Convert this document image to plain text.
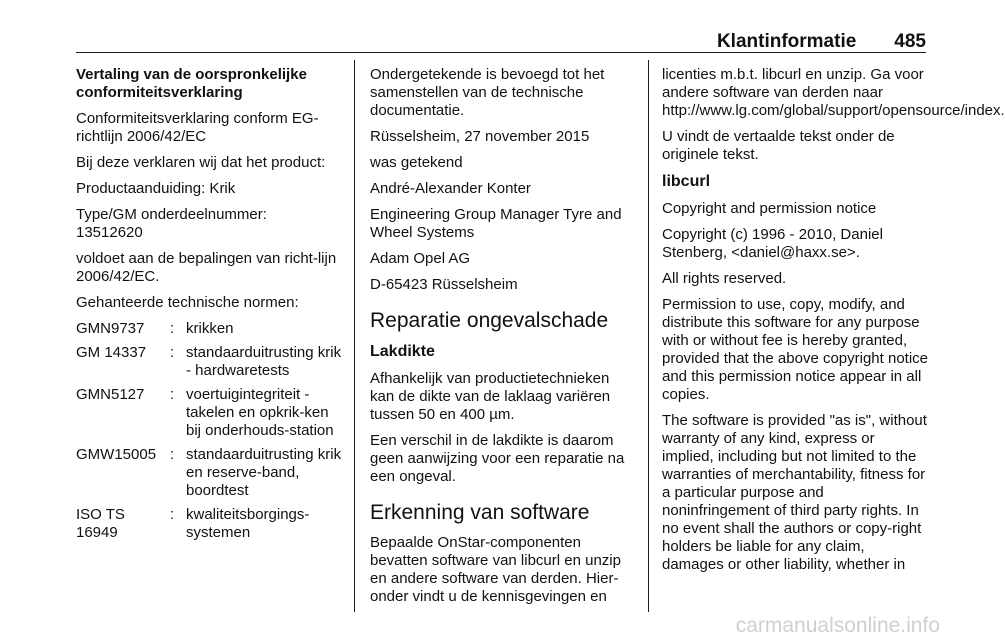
Klantinformatie 485

Vertaling van de oorspronkelijke conformiteitsverklaring

Conformiteitsverklaring conform EG-richtlijn 2006/42/EC

Bij deze verklaren wij dat het product:

Productaanduiding: Krik

Type/GM onderdeelnummer: 13512620

voldoet aan de bepalingen van richt-lijn 2006/42/EC.

Gehanteerde technische normen:

GMN9737	:	krikken
GM 14337	:	standaarduitrusting krik - hardwaretests
GMN5127	:	voertuigintegriteit - takelen en opkrik-ken bij onderhouds-station
GMW15005	:	standaarduitrusting krik en reserve-band, boordtest
ISO TS 16949	:	kwaliteitsborgings-systemen

Ondergetekende is bevoegd tot het samenstellen van de technische documentatie.

Rüsselsheim, 27 november 2015

was getekend

André-Alexander Konter

Engineering Group Manager Tyre and Wheel Systems

Adam Opel AG

D-65423 Rüsselsheim

Reparatie ongevalschade
Lakdikte

Afhankelijk van productietechnieken kan de dikte van de laklaag variëren tussen 50 en 400 µm.

Een verschil in de lakdikte is daarom geen aanwijzing voor een reparatie na een ongeval.

Erkenning van software

Bepaalde OnStar-componenten bevatten software van libcurl en unzip en andere software van derden. Hier-onder vindt u de kennisgevingen en

licenties m.b.t. libcurl en unzip. Ga voor andere software van derden naar http://www.lg.com/global/support/opensource/index.

U vindt de vertaalde tekst onder de originele tekst.

libcurl

Copyright and permission notice

Copyright (c) 1996 - 2010, Daniel Stenberg, <daniel@haxx.se>.

All rights reserved.

Permission to use, copy, modify, and distribute this software for any purpose with or without fee is hereby granted, provided that the above copyright notice and this permission notice appear in all copies.

The software is provided "as is", without warranty of any kind, express or implied, including but not limited to the warranties of merchantability, fitness for a particular purpose and noninfringement of third party rights. In no event shall the authors or copy-right holders be liable for any claim, damages or other liability, whether in

carmanualsonline.info
